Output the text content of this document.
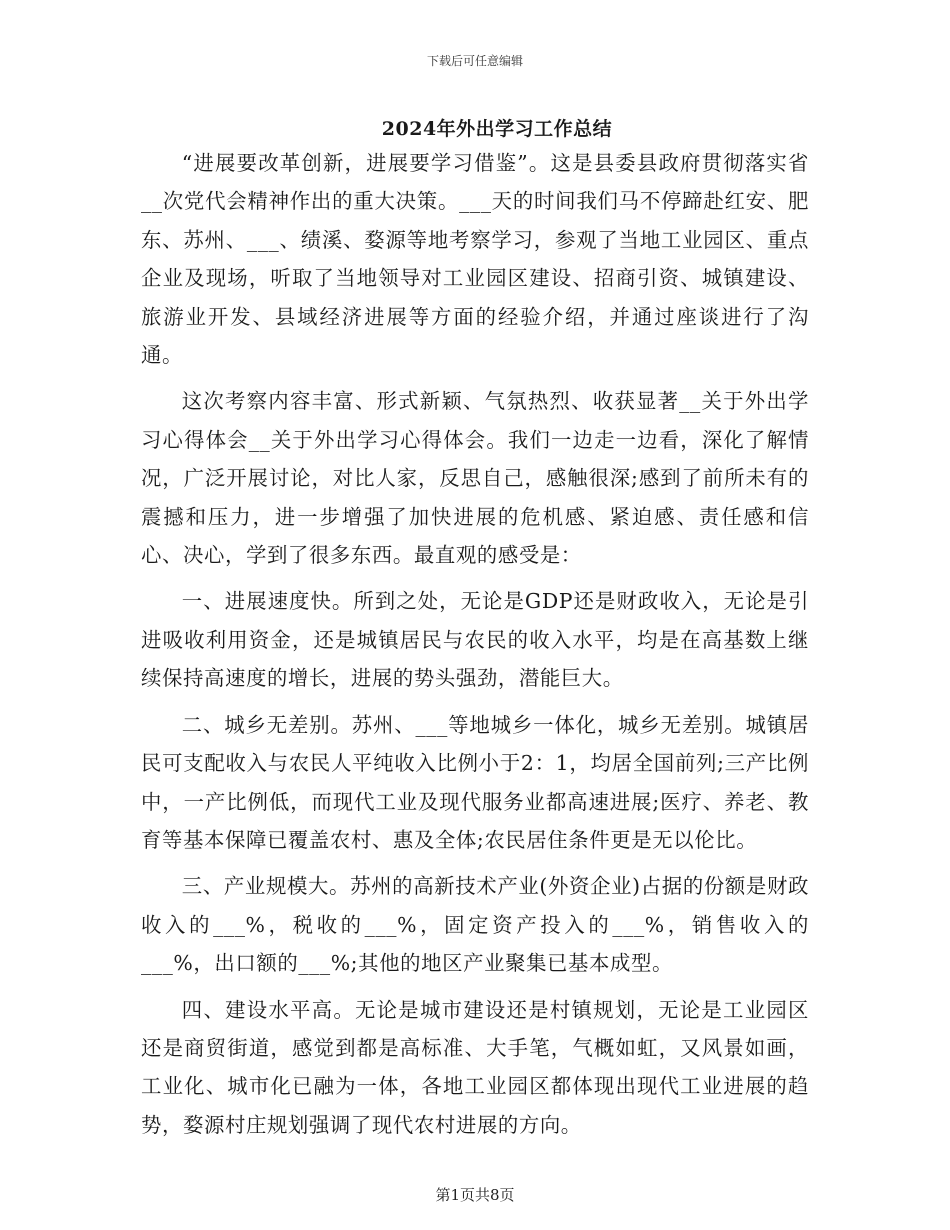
下载后可任意编辑
2024年外出学习工作总结

“进展要改革创新，进展要学习借鉴”。这是县委县政府贯彻落实省__次党代会精神作出的重大决策。___天的时间我们马不停蹄赴红安、肥东、苏州、___、绩溪、婺源等地考察学习，参观了当地工业园区、重点企业及现场，听取了当地领导对工业园区建设、招商引资、城镇建设、旅游业开发、县域经济进展等方面的经验介绍，并通过座谈进行了沟通。

这次考察内容丰富、形式新颖、气氛热烈、收获显著__关于外出学习心得体会__关于外出学习心得体会。我们一边走一边看，深化了解情况，广泛开展讨论，对比人家，反思自己，感触很深;感到了前所未有的震撼和压力，进一步增强了加快进展的危机感、紧迫感、责任感和信心、决心，学到了很多东西。最直观的感受是：

一、进展速度快。所到之处，无论是GDP还是财政收入，无论是引进吸收利用资金，还是城镇居民与农民的收入水平，均是在高基数上继续保持高速度的增长，进展的势头强劲，潜能巨大。

二、城乡无差别。苏州、___等地城乡一体化，城乡无差别。城镇居民可支配收入与农民人平纯收入比例小于2：1，均居全国前列;三产比例中，一产比例低，而现代工业及现代服务业都高速进展;医疗、养老、教育等基本保障已覆盖农村、惠及全体;农民居住条件更是无以伦比。

三、产业规模大。苏州的高新技术产业(外资企业)占据的份额是财政收入的___%，税收的___%，固定资产投入的___%，销售收入的___%，出口额的___%;其他的地区产业聚集已基本成型。

四、建设水平高。无论是城市建设还是村镇规划，无论是工业园区还是商贸街道，感觉到都是高标准、大手笔，气概如虹，又风景如画，工业化、城市化已融为一体，各地工业园区都体现出现代工业进展的趋势，婺源村庄规划强调了现代农村进展的方向。

第1页共8页
